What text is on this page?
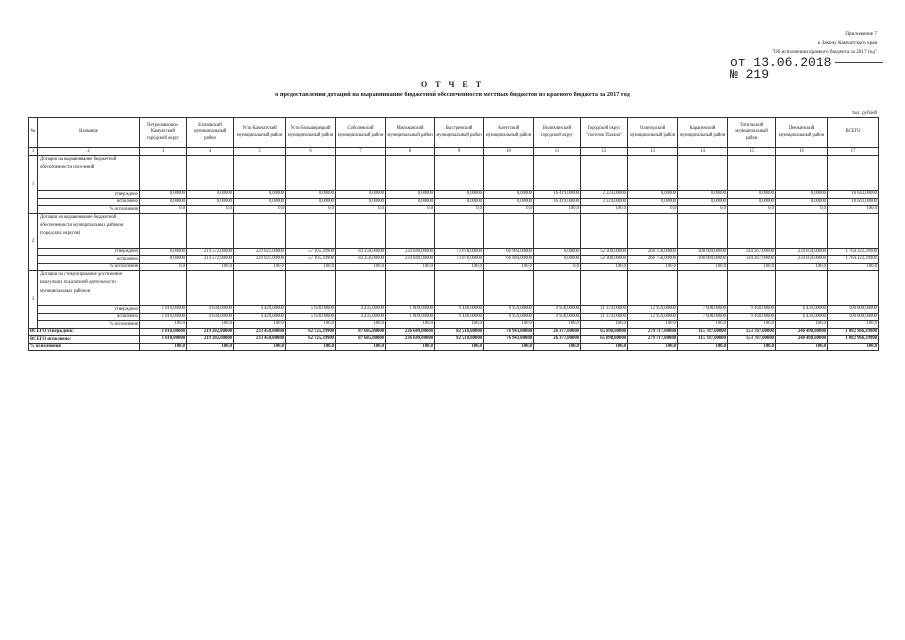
Приложение 7
к Закону Камчатского края
"Об исполнении краевого бюджета за 2017 год"
от 13.06.2018
№ 219
О Т Ч Е Т
о предоставлении дотаций на выравнивание бюджетной обеспеченности местных бюджетов из краевого бюджета за 2017 год
тыс. рублей
№	Название	Петропавловск-Камчатский городской округ	Елизовский муниципальный район	Усть-Камчатский муниципальный район	Усть-Большерецкий муниципальный район	Соболевский муниципальный район	Мильковский муниципальный район	Быстринский муниципальный район	Алеутский муниципальный район	Вилючинский городской округ	Городской округ "поселок Палана"	Олюторский муниципальный район	Карагинский муниципальный район	Тигильский муниципальный район	Пенжинский муниципальный район	ВСЕГО
1	2	3	4	5	6	7	8	9	10	11	12	13	14	15	16	17
1	Дотации на выравнивание бюджетной обеспеченности поселений															
	утверждено	0,00000	0,00000	0,00000	0,00000	0,00000	0,00000	0,00000	0,00000	16 419,00000	2 224,00000	0,00000	0,00000	0,00000	0,00000	18 643,00000
	исполнено	0,00000	0,00000	0,00000	0,00000	0,00000	0,00000	0,00000	0,00000	16 419,00000	2 224,00000	0,00000	0,00000	0,00000	0,00000	18 643,00000
	% исполнения	0,0	0,0	0,0	0,0	0,0	0,0	0,0	0,0	100,0	100,0	0,0	0,0	0,0	0,0	100,0
2	Дотации на выравнивание бюджетной обеспеченности муниципальных районов (городских округов)															
	утверждено	0,00000	214 572,00000	229 021,00000	57 105,39900	83 250,00000	234 840,00000	73 078,00000	66 984,00000	0,00000	52 300,00000	266 758,00000	108 089,00000	144 267,00000	234 059,00000	1 764 323,39900
	исполнено	0,00000	214 572,00000	229 021,00000	57 105,39900	83 250,00000	234 840,00000	73 078,00000	66 984,00000	0,00000	52 300,00000	266 758,00000	108 089,00000	144 267,00000	234 059,00000	1 764 323,39900
	% исполнения	0,0	100,0	100,0	100,0	100,0	100,0	100,0	100,0	0,0	100,0	100,0	100,0	100,0	100,0	100,0
3	Дотации на стимулирование достижения наилучших показателей деятельности муниципальных районов															
	утверждено	1 810,00000	4 630,00000	4 429,00000	5 620,00000	4 435,00000	1 809,00000	9 440,00000	9 959,00000	9 958,00000	11 374,00000	12 959,00000	7 698,00000	9 440,00000	6 439,00000	100 000,00000
	исполнено	1 810,00000	4 630,00000	4 429,00000	5 620,00000	4 435,00000	1 809,00000	9 440,00000	9 959,00000	9 958,00000	11 374,00000	12 959,00000	7 698,00000	9 440,00000	6 439,00000	100 000,00000
	% исполнения	100,0	100,0	100,0	100,0	100,0	100,0	100,0	100,0	100,0	100,0	100,0	100,0	100,0	100,0	100,0
ВСЕГО утверждено:		1 810,00000	219 202,00000	233 450,00000	62 725,39900	87 685,00000	236 649,00000	82 518,00000	76 943,00000	26 377,00000	65 898,00000	279 717,00000	115 787,00000	153 707,00000	240 498,00000	1 882 966,39900
ВСЕГО исполнено:		1 810,00000	219 202,00000	233 450,00000	62 725,39900	87 685,00000	236 649,00000	82 518,00000	76 943,00000	26 377,00000	65 898,00000	279 717,00000	115 787,00000	153 707,00000	240 498,00000	1 882 966,39900
% исполнения		100,0	100,0	100,0	100,0	100,0	100,0	100,0	100,0	100,0	100,0	100,0	100,0	100,0	100,0	100,0
